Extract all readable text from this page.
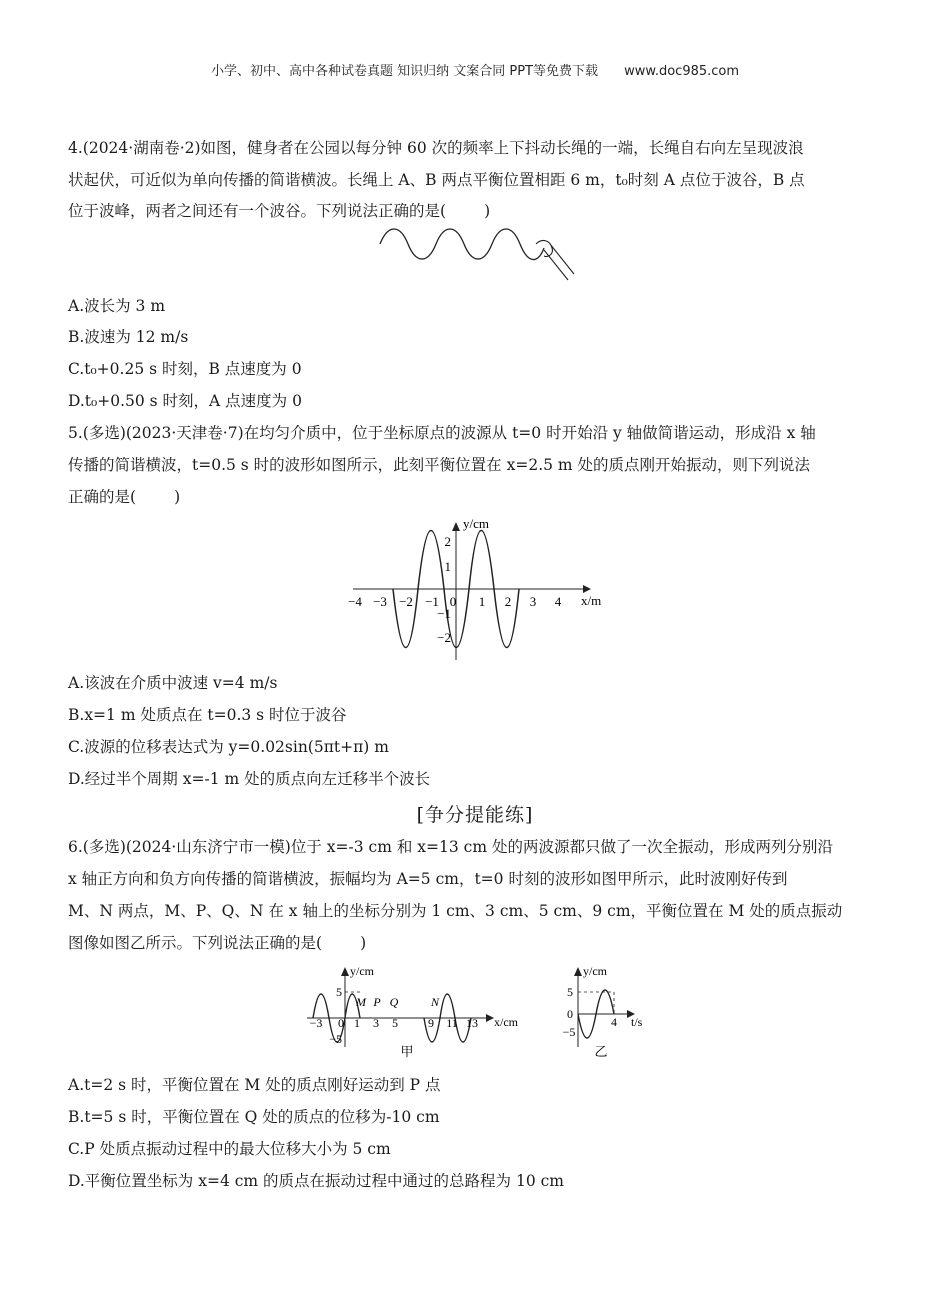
小学、初中、高中各种试卷真题 知识归纳 文案合同 PPT等免费下载 www.doc985.com
4.(2024·湖南卷·2)如图，健身者在公园以每分钟 60 次的频率上下抖动长绳的一端，长绳自右向左呈现波浪
状起伏，可近似为单向传播的简谐横波。长绳上 A、B 两点平衡位置相距 6 m，t₀时刻 A 点位于波谷，B 点
位于波峰，两者之间还有一个波谷。下列说法正确的是( )
A.波长为 3 m
B.波速为 12 m/s
C.t₀+0.25 s 时刻，B 点速度为 0
D.t₀+0.50 s 时刻，A 点速度为 0
5.(多选)(2023·天津卷·7)在均匀介质中，位于坐标原点的波源从 t=0 时开始沿 y 轴做简谐运动，形成沿 x 轴
传播的简谐横波，t=0.5 s 时的波形如图所示，此刻平衡位置在 x=2.5 m 处的质点刚开始振动，则下列说法
正确的是( )
y/cm
x/m
−4 −3 −2 −1 0 1 2 3 4
2
1
−1
−2
A.该波在介质中波速 v=4 m/s
B.x=1 m 处质点在 t=0.3 s 时位于波谷
C.波源的位移表达式为 y=0.02sin(5πt+π) m
D.经过半个周期 x=-1 m 处的质点向左迁移半个波长
[争分提能练]
6.(多选)(2024·山东济宁市一模)位于 x=-3 cm 和 x=13 cm 处的两波源都只做了一次全振动，形成两列分别沿
x 轴正方向和负方向传播的简谐横波，振幅均为 A=5 cm，t=0 时刻的波形如图甲所示，此时波刚好传到
M、N 两点，M、P、Q、N 在 x 轴上的坐标分别为 1 cm、3 cm、5 cm、9 cm，平衡位置在 M 处的质点振动
图像如图乙所示。下列说法正确的是( )
y/cm
x/cm
M P Q	N
−3 0 1 3 5	9 11 13
5
−5
甲
y/cm
t/s
5
0
4
−5
乙
A.t=2 s 时，平衡位置在 M 处的质点刚好运动到 P 点
B.t=5 s 时，平衡位置在 Q 处的质点的位移为-10 cm
C.P 处质点振动过程中的最大位移大小为 5 cm
D.平衡位置坐标为 x=4 cm 的质点在振动过程中通过的总路程为 10 cm
